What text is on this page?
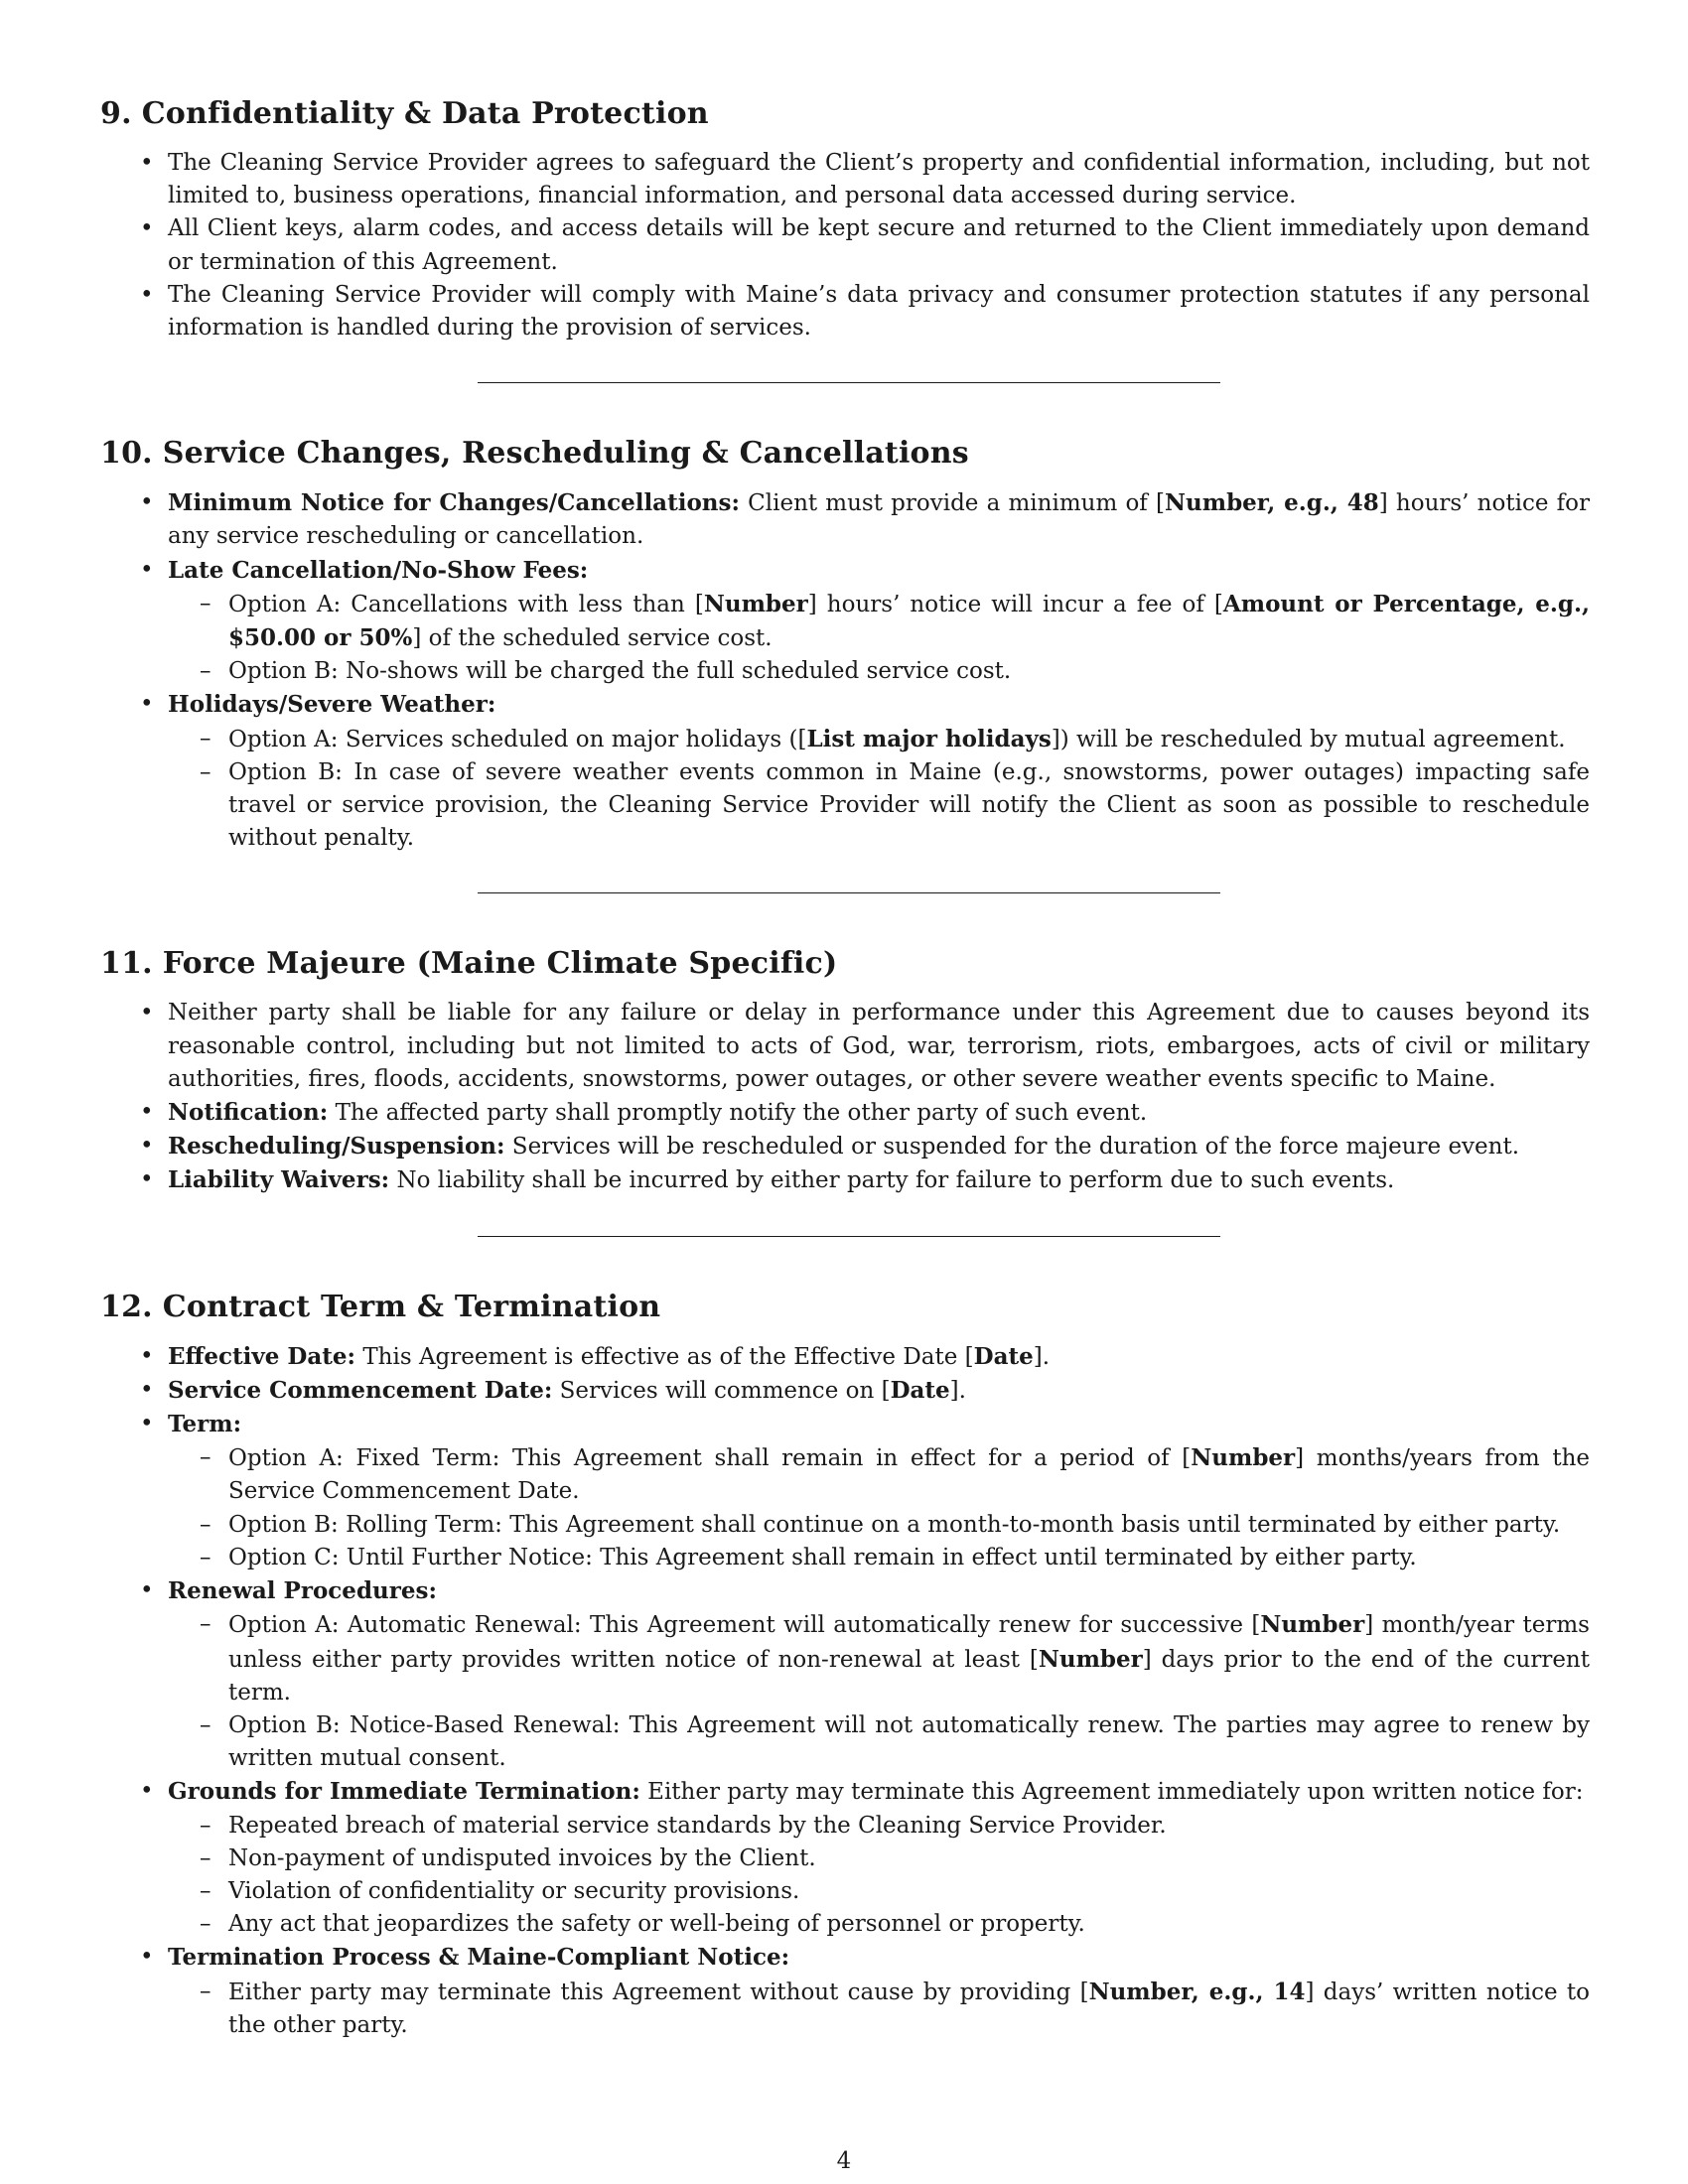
9. Confidentiality & Data Protection
• The Cleaning Service Provider agrees to safeguard the Client’s property and confidential information, including, but not limited to, business operations, financial information, and personal data accessed during service.
• All Client keys, alarm codes, and access details will be kept secure and returned to the Client immediately upon demand or termination of this Agreement.
• The Cleaning Service Provider will comply with Maine’s data privacy and consumer protection statutes if any personal information is handled during the provision of services.
10. Service Changes, Rescheduling & Cancellations
• Minimum Notice for Changes/Cancellations: Client must provide a minimum of [Number, e.g., 48] hours’ notice for any service rescheduling or cancellation.
• Late Cancellation/No-Show Fees:
– Option A: Cancellations with less than [Number] hours’ notice will incur a fee of [Amount or Percentage, e.g., $50.00 or 50%] of the scheduled service cost.
– Option B: No-shows will be charged the full scheduled service cost.
• Holidays/Severe Weather:
– Option A: Services scheduled on major holidays ([List major holidays]) will be rescheduled by mutual agreement.
– Option B: In case of severe weather events common in Maine (e.g., snowstorms, power outages) impacting safe travel or service provision, the Cleaning Service Provider will notify the Client as soon as possible to reschedule without penalty.
11. Force Majeure (Maine Climate Specific)
• Neither party shall be liable for any failure or delay in performance under this Agreement due to causes beyond its reasonable control, including but not limited to acts of God, war, terrorism, riots, embargoes, acts of civil or military authorities, fires, floods, accidents, snowstorms, power outages, or other severe weather events specific to Maine.
• Notification: The affected party shall promptly notify the other party of such event.
• Rescheduling/Suspension: Services will be rescheduled or suspended for the duration of the force majeure event.
• Liability Waivers: No liability shall be incurred by either party for failure to perform due to such events.
12. Contract Term & Termination
• Effective Date: This Agreement is effective as of the Effective Date [Date].
• Service Commencement Date: Services will commence on [Date].
• Term:
– Option A: Fixed Term: This Agreement shall remain in effect for a period of [Number] months/years from the Service Commencement Date.
– Option B: Rolling Term: This Agreement shall continue on a month-to-month basis until terminated by either party.
– Option C: Until Further Notice: This Agreement shall remain in effect until terminated by either party.
• Renewal Procedures:
– Option A: Automatic Renewal: This Agreement will automatically renew for successive [Number] month/year terms unless either party provides written notice of non-renewal at least [Number] days prior to the end of the current term.
– Option B: Notice-Based Renewal: This Agreement will not automatically renew. The parties may agree to renew by written mutual consent.
• Grounds for Immediate Termination: Either party may terminate this Agreement immediately upon written notice for:
– Repeated breach of material service standards by the Cleaning Service Provider.
– Non-payment of undisputed invoices by the Client.
– Violation of confidentiality or security provisions.
– Any act that jeopardizes the safety or well-being of personnel or property.
• Termination Process & Maine-Compliant Notice:
– Either party may terminate this Agreement without cause by providing [Number, e.g., 14] days’ written notice to the other party.
4
